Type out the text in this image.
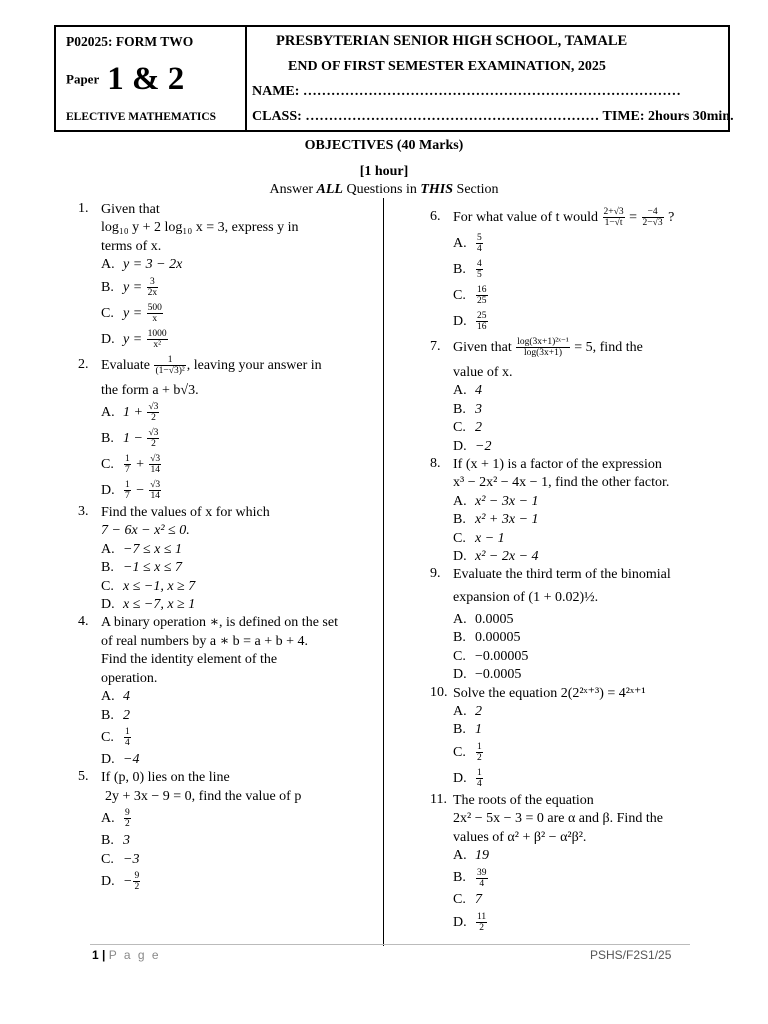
P02025: FORM TWO
Paper 1 & 2
ELECTIVE MATHEMATICS
PRESBYTERIAN SENIOR HIGH SCHOOL, TAMALE
END OF FIRST SEMESTER EXAMINATION, 2025
NAME: ………………………………………………………………………
CLASS: ……………………………………………………… TIME: 2hours 30min.
OBJECTIVES (40 Marks)
[1 hour]
Answer ALL Questions in THIS Section
1. Given that
log₁₀ y + 2 log₁₀ x = 3, express y in
terms of x.
A. y = 3 − 2x
B. $y = \frac{3}{2x}$
C. $y = \frac{500}{x}$
D. $y = \frac{1000}{\text{x²}}$
2. Evaluate $\frac{1}{\text{(1−√3)²}}$ , leaving your answer in
the form a + b√3.
A. $1 + \frac{√3}{2}$
B. $1 - \frac{√3}{2}$
C. $\frac{1}{7} + \frac{√3}{14}$
D. $\frac{1}{7} - \frac{√3}{14}$
3. Find the values of x for which
7 − 6x − x² ≤ 0.
A. −7 ≤ x ≤ 1
B. −1 ≤ x ≤ 7
C. x ≤ −1, x ≥ 7
D. x ≤ −7, x ≥ 1
4. A binary operation ∗, is defined on the set
of real numbers by a ∗ b = a + b + 4.
Find the identity element of the
operation.
A. 4
B. 2
C. $\frac{1}{4}$
D. −4
5. If (p, 0) lies on the line
2y + 3x − 9 = 0, find the value of p
A. $\frac{9}{2}$
B. 3
C. −3
D. − $\frac{9}{2}$
6. For what value of t would $\frac{2+√3}{1-√t} = \frac{-4}{2-√3}$ ?
A. $\frac{5}{4}$
B. $\frac{4}{5}$
C. $\frac{16}{25}$
D. $\frac{25}{16}$
7. Given that $\frac{\text{log(3x+1)²ˣ⁻¹}}{\log(3x+1)} = 5$, find the
value of x.
A. 4
B. 3
C. 2
D. −2
8. If (x + 1) is a factor of the expression
x³ − 2x² − 4x − 1, find the other factor.
A. x² − 3x − 1
B. x² + 3x − 1
C. x − 1
D. x² − 2x − 4
9. Evaluate the third term of the binomial
expansion of (1 + 0.02)½.
A. 0.0005
B. 0.00005
C. −0.00005
D. −0.0005
10. Solve the equation 2(2²ˣ⁺³) = 4²ˣ⁺¹
A. 2
B. 1
C. $\frac{1}{2}$
D. $\frac{1}{4}$
11. The roots of the equation
2x² − 5x − 3 = 0 are α and β. Find the
values of α² + β² − α²β².
A. 19
B. $\frac{39}{4}$
C. 7
D. $\frac{11}{2}$
1 | P a g e	PSHS/F2S1/25
